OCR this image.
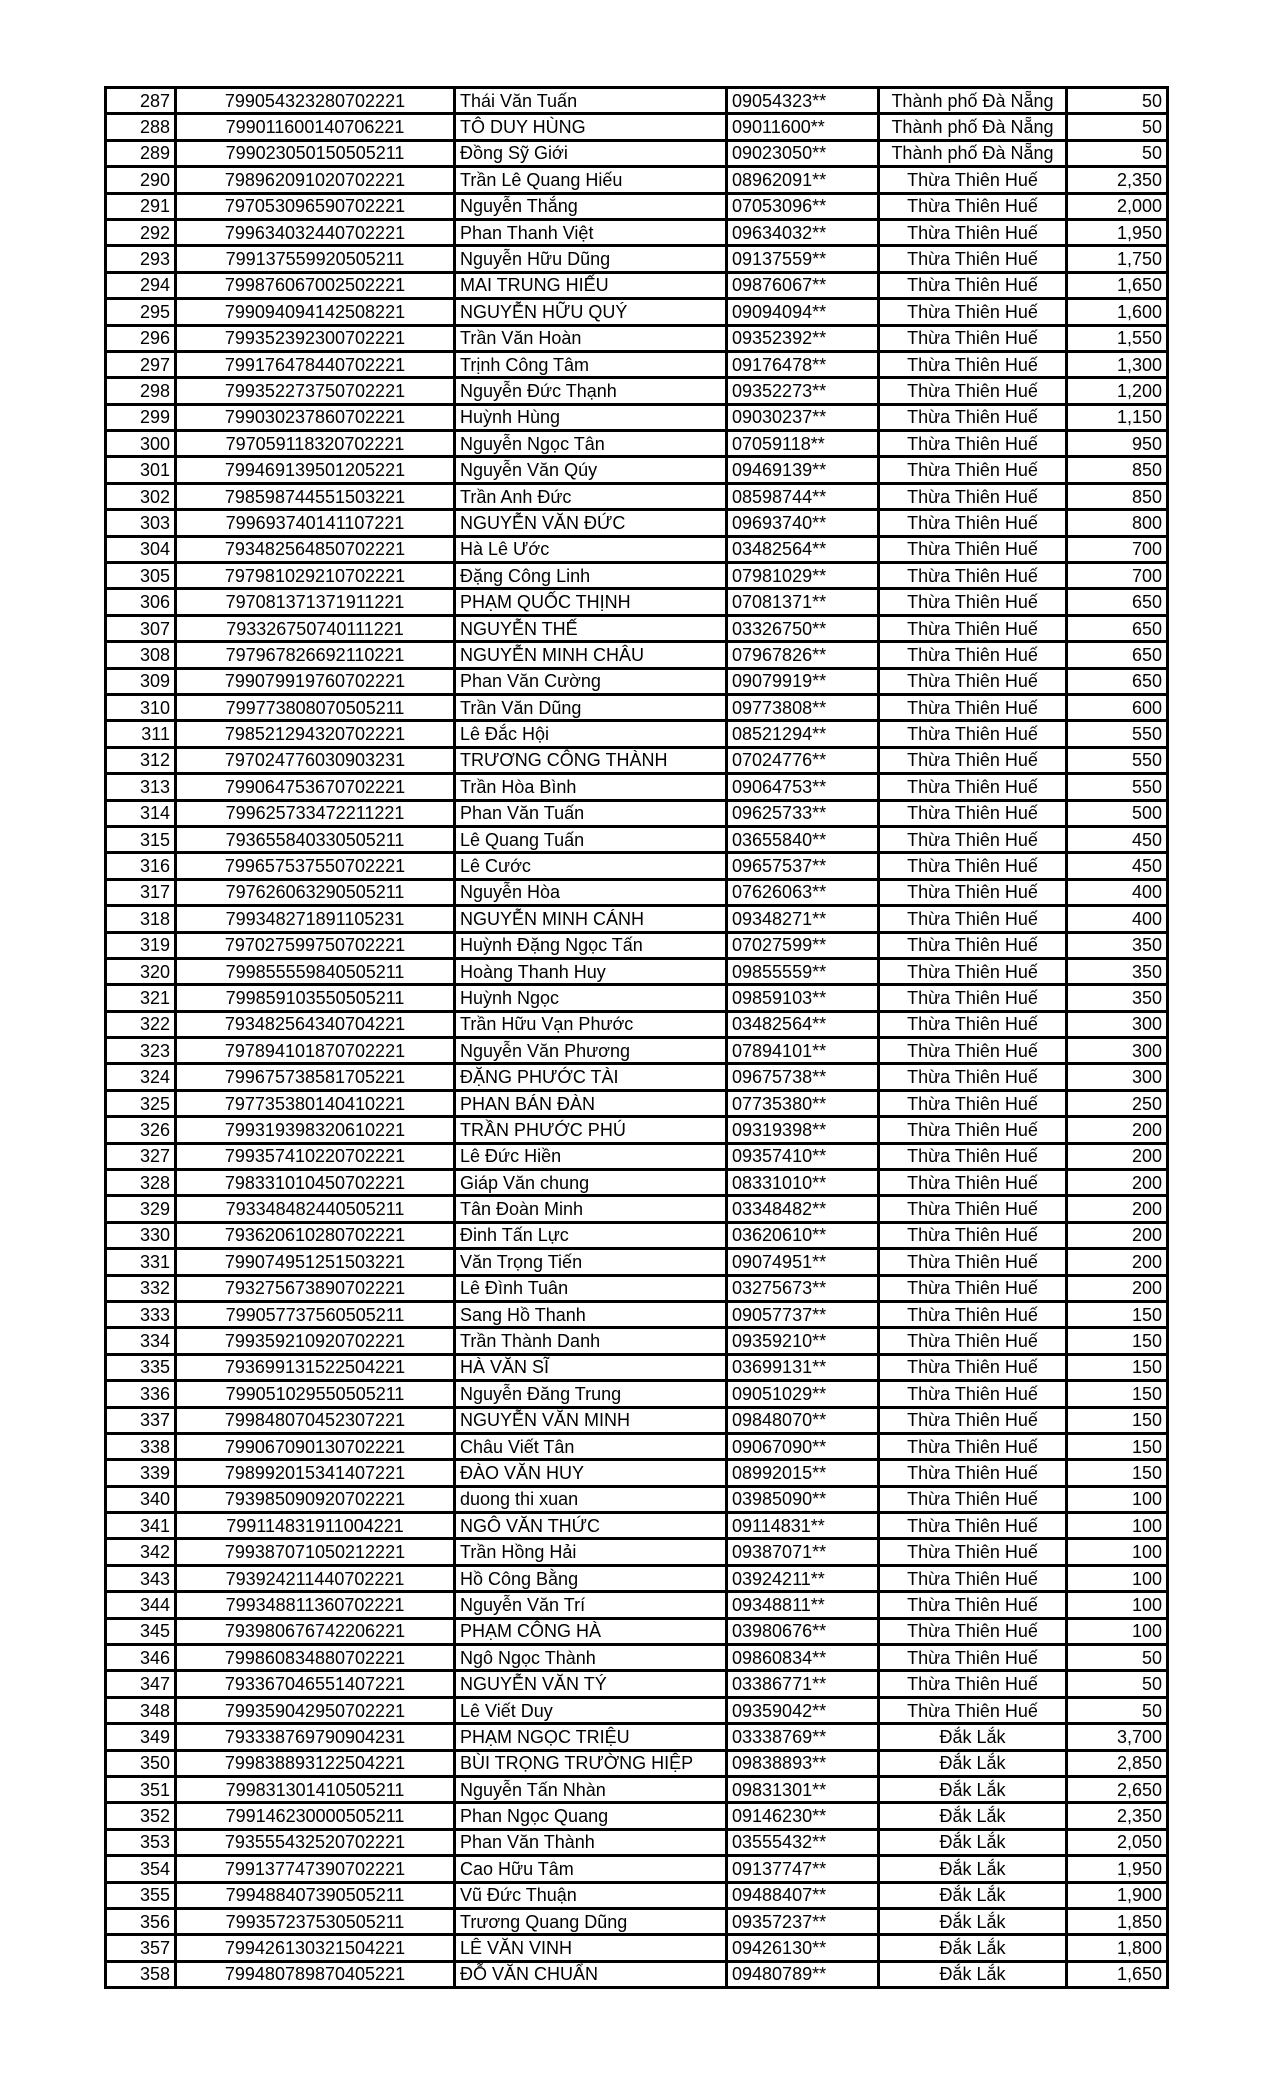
287	799054323280702221	Thái Văn Tuấn	09054323**	Thành phố Đà Nẵng	50
288	799011600140706221	TÔ DUY HÙNG	09011600**	Thành phố Đà Nẵng	50
289	799023050150505211	Đồng Sỹ Giới	09023050**	Thành phố Đà Nẵng	50
290	798962091020702221	Trần Lê Quang Hiếu	08962091**	Thừa Thiên Huế	2,350
291	797053096590702221	Nguyễn Thắng	07053096**	Thừa Thiên Huế	2,000
292	799634032440702221	Phan Thanh Việt	09634032**	Thừa Thiên Huế	1,950
293	799137559920505211	Nguyễn Hữu Dũng	09137559**	Thừa Thiên Huế	1,750
294	799876067002502221	MAI TRUNG HIẾU	09876067**	Thừa Thiên Huế	1,650
295	799094094142508221	NGUYỄN HỮU QUÝ	09094094**	Thừa Thiên Huế	1,600
296	799352392300702221	Trần Văn Hoàn	09352392**	Thừa Thiên Huế	1,550
297	799176478440702221	Trịnh Công Tâm	09176478**	Thừa Thiên Huế	1,300
298	799352273750702221	Nguyễn Đức Thạnh	09352273**	Thừa Thiên Huế	1,200
299	799030237860702221	Huỳnh Hùng	09030237**	Thừa Thiên Huế	1,150
300	797059118320702221	Nguyễn Ngọc Tân	07059118**	Thừa Thiên Huế	950
301	799469139501205221	Nguyễn Văn Qúy	09469139**	Thừa Thiên Huế	850
302	798598744551503221	Trần Anh Đức	08598744**	Thừa Thiên Huế	850
303	799693740141107221	NGUYỄN VĂN ĐỨC	09693740**	Thừa Thiên Huế	800
304	793482564850702221	Hà Lê Ước	03482564**	Thừa Thiên Huế	700
305	797981029210702221	Đặng Công Linh	07981029**	Thừa Thiên Huế	700
306	797081371371911221	PHẠM QUỐC THỊNH	07081371**	Thừa Thiên Huế	650
307	793326750740111221	NGUYỄN THẾ	03326750**	Thừa Thiên Huế	650
308	797967826692110221	NGUYỄN MINH CHÂU	07967826**	Thừa Thiên Huế	650
309	799079919760702221	Phan Văn Cường	09079919**	Thừa Thiên Huế	650
310	799773808070505211	Trần Văn Dũng	09773808**	Thừa Thiên Huế	600
311	798521294320702221	Lê Đắc Hội	08521294**	Thừa Thiên Huế	550
312	797024776030903231	TRƯƠNG CÔNG THÀNH	07024776**	Thừa Thiên Huế	550
313	799064753670702221	Trần Hòa Bình	09064753**	Thừa Thiên Huế	550
314	799625733472211221	Phan Văn Tuấn	09625733**	Thừa Thiên Huế	500
315	793655840330505211	Lê Quang Tuấn	03655840**	Thừa Thiên Huế	450
316	799657537550702221	Lê Cước	09657537**	Thừa Thiên Huế	450
317	797626063290505211	Nguyễn Hòa	07626063**	Thừa Thiên Huế	400
318	799348271891105231	NGUYỄN MINH CÁNH	09348271**	Thừa Thiên Huế	400
319	797027599750702221	Huỳnh Đặng Ngọc Tấn	07027599**	Thừa Thiên Huế	350
320	799855559840505211	Hoàng Thanh Huy	09855559**	Thừa Thiên Huế	350
321	799859103550505211	Huỳnh Ngọc	09859103**	Thừa Thiên Huế	350
322	793482564340704221	Trần Hữu Vạn Phước	03482564**	Thừa Thiên Huế	300
323	797894101870702221	Nguyễn Văn Phương	07894101**	Thừa Thiên Huế	300
324	799675738581705221	ĐẶNG PHƯỚC TÀI	09675738**	Thừa Thiên Huế	300
325	797735380140410221	PHAN BÁN ĐÀN	07735380**	Thừa Thiên Huế	250
326	799319398320610221	TRẦN PHƯỚC PHÚ	09319398**	Thừa Thiên Huế	200
327	799357410220702221	Lê Đức Hiền	09357410**	Thừa Thiên Huế	200
328	798331010450702221	Giáp Văn chung	08331010**	Thừa Thiên Huế	200
329	793348482440505211	Tân Đoàn Minh	03348482**	Thừa Thiên Huế	200
330	793620610280702221	Đinh Tấn Lực	03620610**	Thừa Thiên Huế	200
331	799074951251503221	Văn Trọng Tiến	09074951**	Thừa Thiên Huế	200
332	793275673890702221	Lê Đình Tuân	03275673**	Thừa Thiên Huế	200
333	799057737560505211	Sang Hồ Thanh	09057737**	Thừa Thiên Huế	150
334	799359210920702221	Trần Thành Danh	09359210**	Thừa Thiên Huế	150
335	793699131522504221	HÀ VĂN SĨ	03699131**	Thừa Thiên Huế	150
336	799051029550505211	Nguyễn Đăng Trung	09051029**	Thừa Thiên Huế	150
337	799848070452307221	NGUYỄN VĂN MINH	09848070**	Thừa Thiên Huế	150
338	799067090130702221	Châu Viết Tân	09067090**	Thừa Thiên Huế	150
339	798992015341407221	ĐÀO VĂN HUY	08992015**	Thừa Thiên Huế	150
340	793985090920702221	duong thi xuan	03985090**	Thừa Thiên Huế	100
341	799114831911004221	NGÔ VĂN THỨC	09114831**	Thừa Thiên Huế	100
342	799387071050212221	Trần Hồng Hải	09387071**	Thừa Thiên Huế	100
343	793924211440702221	Hồ Công Bằng	03924211**	Thừa Thiên Huế	100
344	799348811360702221	Nguyễn Văn Trí	09348811**	Thừa Thiên Huế	100
345	793980676742206221	PHẠM CÔNG HÀ	03980676**	Thừa Thiên Huế	100
346	799860834880702221	Ngô Ngọc Thành	09860834**	Thừa Thiên Huế	50
347	793367046551407221	NGUYỄN VĂN TÝ	03386771**	Thừa Thiên Huế	50
348	799359042950702221	Lê Viết Duy	09359042**	Thừa Thiên Huế	50
349	793338769790904231	PHẠM NGỌC TRIỆU	03338769**	Đắk Lắk	3,700
350	799838893122504221	BÙI TRỌNG TRƯỜNG HIỆP	09838893**	Đắk Lắk	2,850
351	799831301410505211	Nguyễn Tấn Nhàn	09831301**	Đắk Lắk	2,650
352	799146230000505211	Phan Ngọc Quang	09146230**	Đắk Lắk	2,350
353	793555432520702221	Phan Văn Thành	03555432**	Đắk Lắk	2,050
354	799137747390702221	Cao Hữu Tâm	09137747**	Đắk Lắk	1,950
355	799488407390505211	Vũ Đức Thuận	09488407**	Đắk Lắk	1,900
356	799357237530505211	Trương Quang Dũng	09357237**	Đắk Lắk	1,850
357	799426130321504221	LÊ VĂN VINH	09426130**	Đắk Lắk	1,800
358	799480789870405221	ĐỖ VĂN CHUẨN	09480789**	Đắk Lắk	1,650
